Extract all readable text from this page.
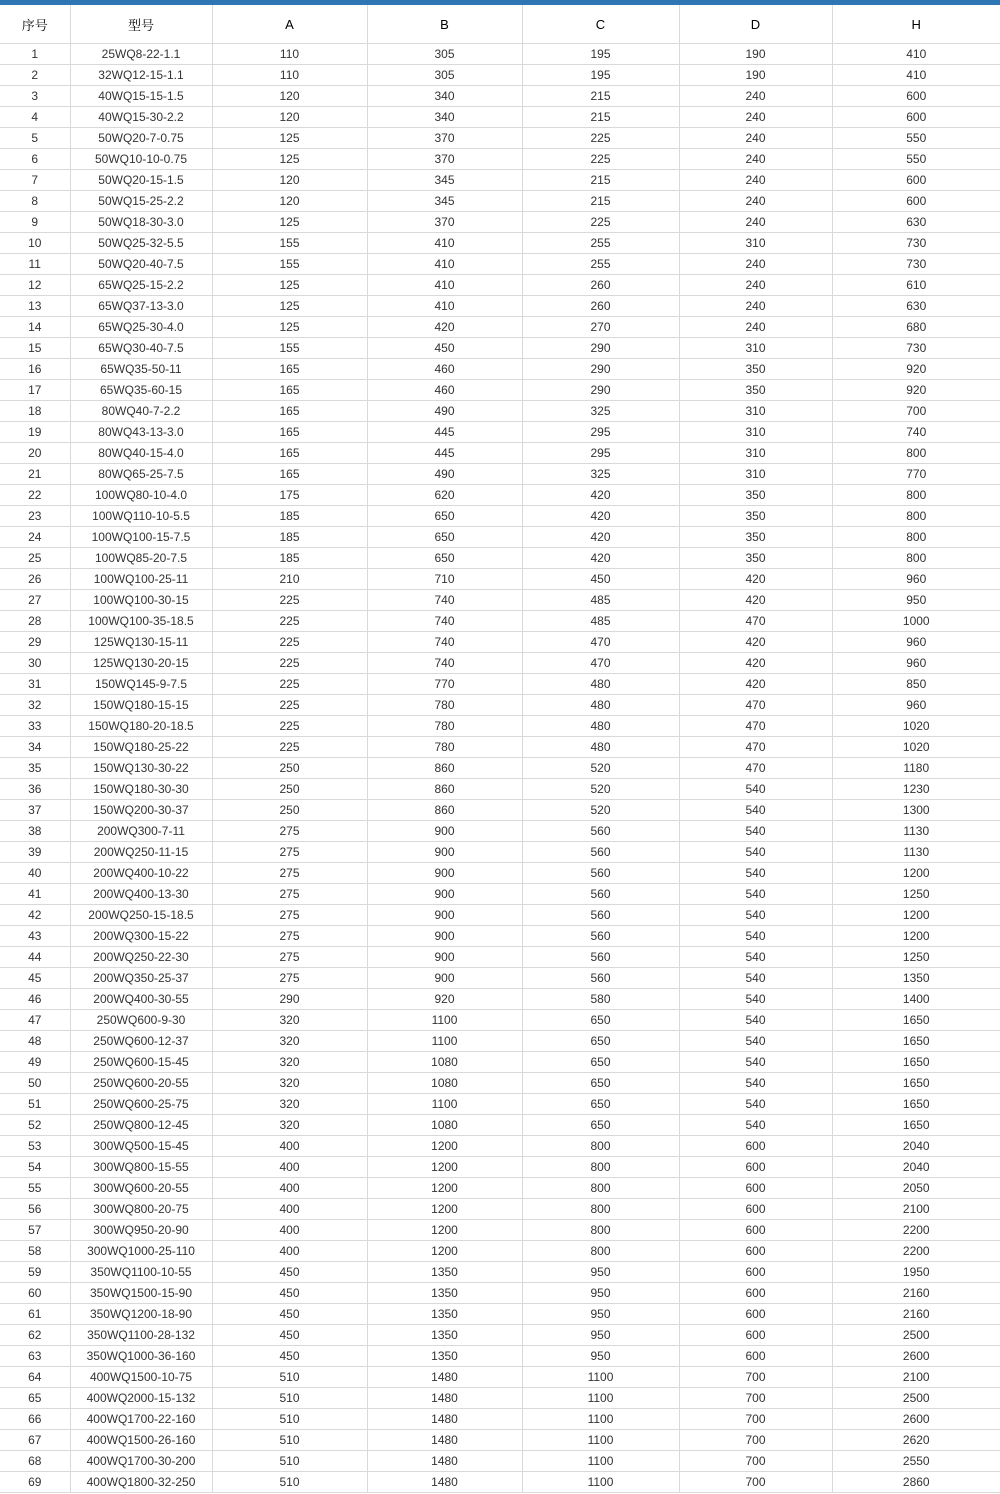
序号	型号	A	B	C	D	H
1	25WQ8-22-1.1	110	305	195	190	410
2	32WQ12-15-1.1	110	305	195	190	410
3	40WQ15-15-1.5	120	340	215	240	600
4	40WQ15-30-2.2	120	340	215	240	600
5	50WQ20-7-0.75	125	370	225	240	550
6	50WQ10-10-0.75	125	370	225	240	550
7	50WQ20-15-1.5	120	345	215	240	600
8	50WQ15-25-2.2	120	345	215	240	600
9	50WQ18-30-3.0	125	370	225	240	630
10	50WQ25-32-5.5	155	410	255	310	730
11	50WQ20-40-7.5	155	410	255	240	730
12	65WQ25-15-2.2	125	410	260	240	610
13	65WQ37-13-3.0	125	410	260	240	630
14	65WQ25-30-4.0	125	420	270	240	680
15	65WQ30-40-7.5	155	450	290	310	730
16	65WQ35-50-11	165	460	290	350	920
17	65WQ35-60-15	165	460	290	350	920
18	80WQ40-7-2.2	165	490	325	310	700
19	80WQ43-13-3.0	165	445	295	310	740
20	80WQ40-15-4.0	165	445	295	310	800
21	80WQ65-25-7.5	165	490	325	310	770
22	100WQ80-10-4.0	175	620	420	350	800
23	100WQ110-10-5.5	185	650	420	350	800
24	100WQ100-15-7.5	185	650	420	350	800
25	100WQ85-20-7.5	185	650	420	350	800
26	100WQ100-25-11	210	710	450	420	960
27	100WQ100-30-15	225	740	485	420	950
28	100WQ100-35-18.5	225	740	485	470	1000
29	125WQ130-15-11	225	740	470	420	960
30	125WQ130-20-15	225	740	470	420	960
31	150WQ145-9-7.5	225	770	480	420	850
32	150WQ180-15-15	225	780	480	470	960
33	150WQ180-20-18.5	225	780	480	470	1020
34	150WQ180-25-22	225	780	480	470	1020
35	150WQ130-30-22	250	860	520	470	1180
36	150WQ180-30-30	250	860	520	540	1230
37	150WQ200-30-37	250	860	520	540	1300
38	200WQ300-7-11	275	900	560	540	1130
39	200WQ250-11-15	275	900	560	540	1130
40	200WQ400-10-22	275	900	560	540	1200
41	200WQ400-13-30	275	900	560	540	1250
42	200WQ250-15-18.5	275	900	560	540	1200
43	200WQ300-15-22	275	900	560	540	1200
44	200WQ250-22-30	275	900	560	540	1250
45	200WQ350-25-37	275	900	560	540	1350
46	200WQ400-30-55	290	920	580	540	1400
47	250WQ600-9-30	320	1100	650	540	1650
48	250WQ600-12-37	320	1100	650	540	1650
49	250WQ600-15-45	320	1080	650	540	1650
50	250WQ600-20-55	320	1080	650	540	1650
51	250WQ600-25-75	320	1100	650	540	1650
52	250WQ800-12-45	320	1080	650	540	1650
53	300WQ500-15-45	400	1200	800	600	2040
54	300WQ800-15-55	400	1200	800	600	2040
55	300WQ600-20-55	400	1200	800	600	2050
56	300WQ800-20-75	400	1200	800	600	2100
57	300WQ950-20-90	400	1200	800	600	2200
58	300WQ1000-25-110	400	1200	800	600	2200
59	350WQ1100-10-55	450	1350	950	600	1950
60	350WQ1500-15-90	450	1350	950	600	2160
61	350WQ1200-18-90	450	1350	950	600	2160
62	350WQ1100-28-132	450	1350	950	600	2500
63	350WQ1000-36-160	450	1350	950	600	2600
64	400WQ1500-10-75	510	1480	1100	700	2100
65	400WQ2000-15-132	510	1480	1100	700	2500
66	400WQ1700-22-160	510	1480	1100	700	2600
67	400WQ1500-26-160	510	1480	1100	700	2620
68	400WQ1700-30-200	510	1480	1100	700	2550
69	400WQ1800-32-250	510	1480	1100	700	2860
